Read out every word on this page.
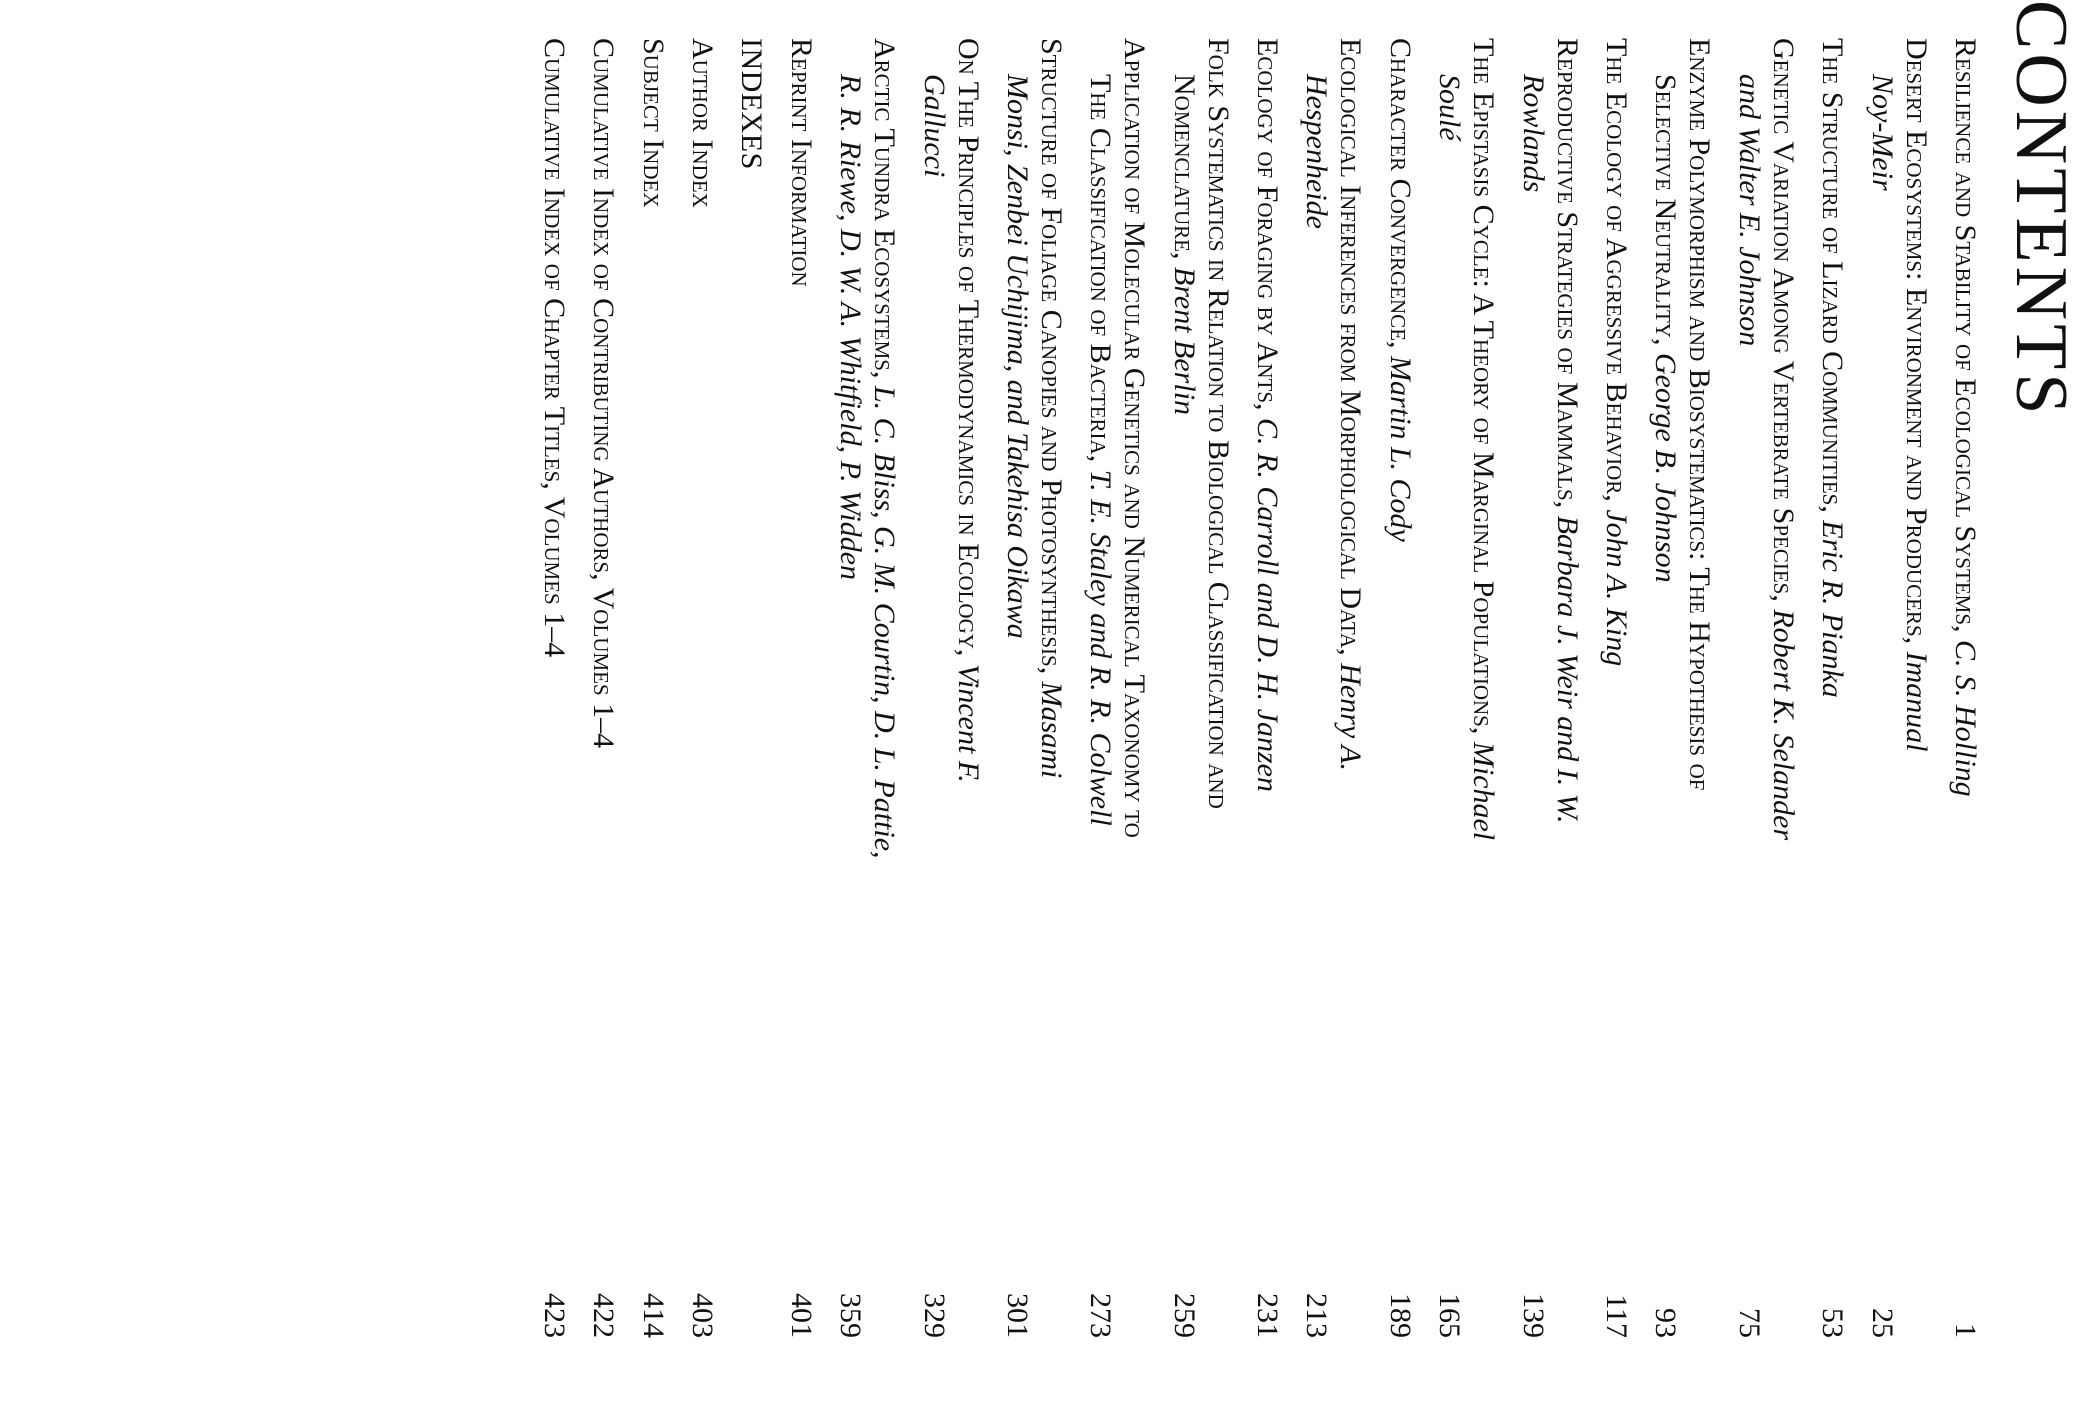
CONTENTS
Resilience and Stability of Ecological Systems, C. S. Holling
1
Desert Ecosystems: Environment and Producers, Imanual
Noy-Meir
25
The Structure of Lizard Communities, Eric R. Pianka
53
Genetic Variation Among Vertebrate Species, Robert K. Selander
and Walter E. Johnson
75
Enzyme Polymorphism and Biosystematics: The Hypothesis of
Selective Neutrality, George B. Johnson
93
The Ecology of Aggressive Behavior, John A. King
117
Reproductive Strategies of Mammals, Barbara J. Weir and I. W.
Rowlands
139
The Epistasis Cycle: A Theory of Marginal Populations, Michael
Soulé
165
Character Convergence, Martin L. Cody
189
Ecological Inferences from Morphological Data, Henry A.
Hespenheide
213
Ecology of Foraging by Ants, C. R. Carroll and D. H. Janzen
231
Folk Systematics in Relation to Biological Classification and
Nomenclature, Brent Berlin
259
Application of Molecular Genetics and Numerical Taxonomy to
The Classification of Bacteria, T. E. Staley and R. R. Colwell
273
Structure of Foliage Canopies and Photosynthesis, Masami
Monsi, Zenbei Uchijima, and Takehisa Oikawa
301
On The Principles of Thermodynamics in Ecology, Vincent F.
Gallucci
329
Arctic Tundra Ecosystems, L. C. Bliss, G. M. Courtin, D. L. Pattie,
R. R. Riewe, D. W. A. Whitfield, P. Widden
359
Reprint Information
401
INDEXES
Author Index
403
Subject Index
414
Cumulative Index of Contributing Authors, Volumes 1–4
422
Cumulative Index of Chapter Titles, Volumes 1–4
423
